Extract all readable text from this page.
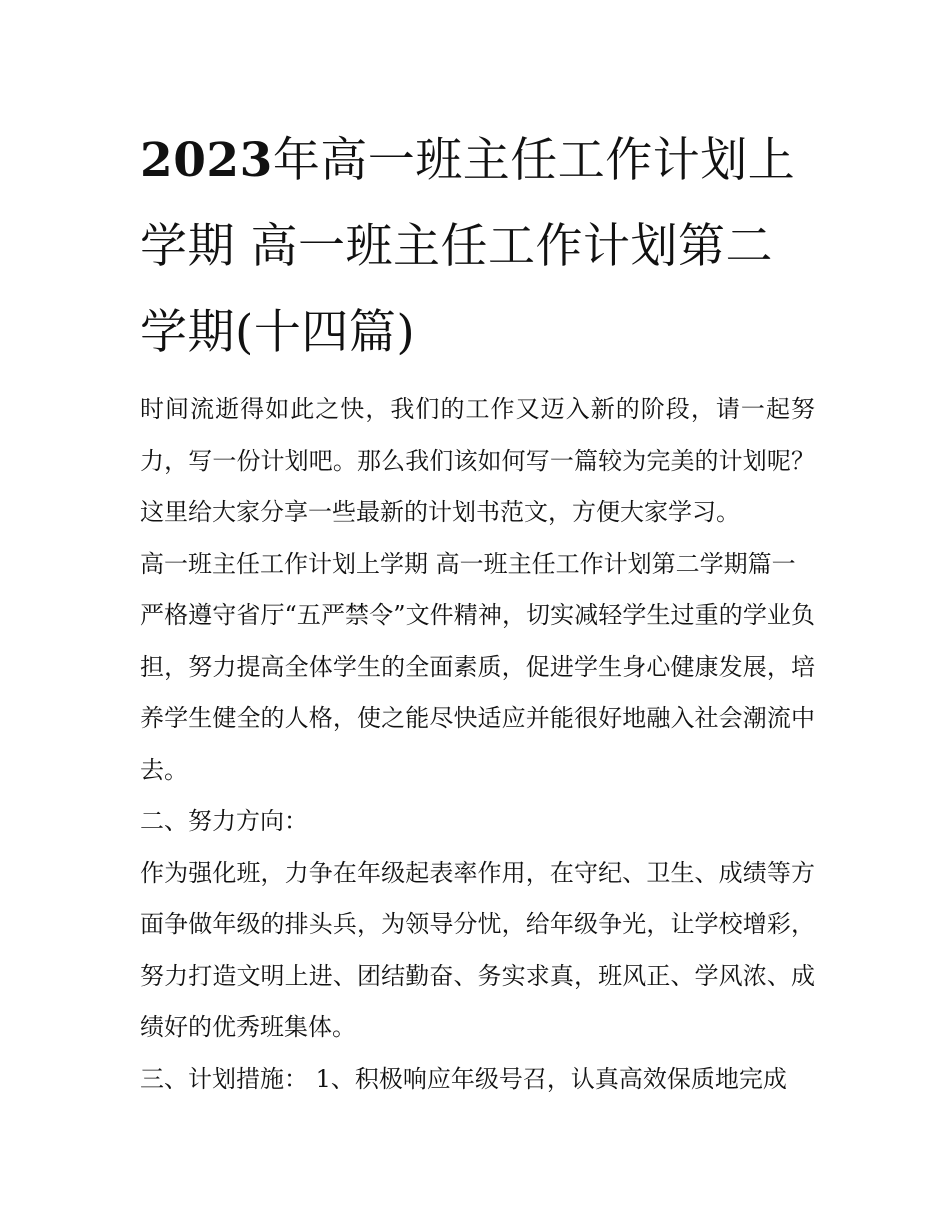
2023年高一班主任工作计划上学期 高一班主任工作计划第二学期(十四篇)

时间流逝得如此之快，我们的工作又迈入新的阶段，请一起努力，写一份计划吧。那么我们该如何写一篇较为完美的计划呢？这里给大家分享一些最新的计划书范文，方便大家学习。

高一班主任工作计划上学期 高一班主任工作计划第二学期篇一

严格遵守省厅“五严禁令”文件精神，切实减轻学生过重的学业负担，努力提高全体学生的全面素质，促进学生身心健康发展，培养学生健全的人格，使之能尽快适应并能很好地融入社会潮流中去。

二、努力方向：

作为强化班，力争在年级起表率作用，在守纪、卫生、成绩等方面争做年级的排头兵，为领导分忧，给年级争光，让学校增彩，努力打造文明上进、团结勤奋、务实求真，班风正、学风浓、成绩好的优秀班集体。

三、计划措施： 1、积极响应年级号召，认真高效保质地完成
